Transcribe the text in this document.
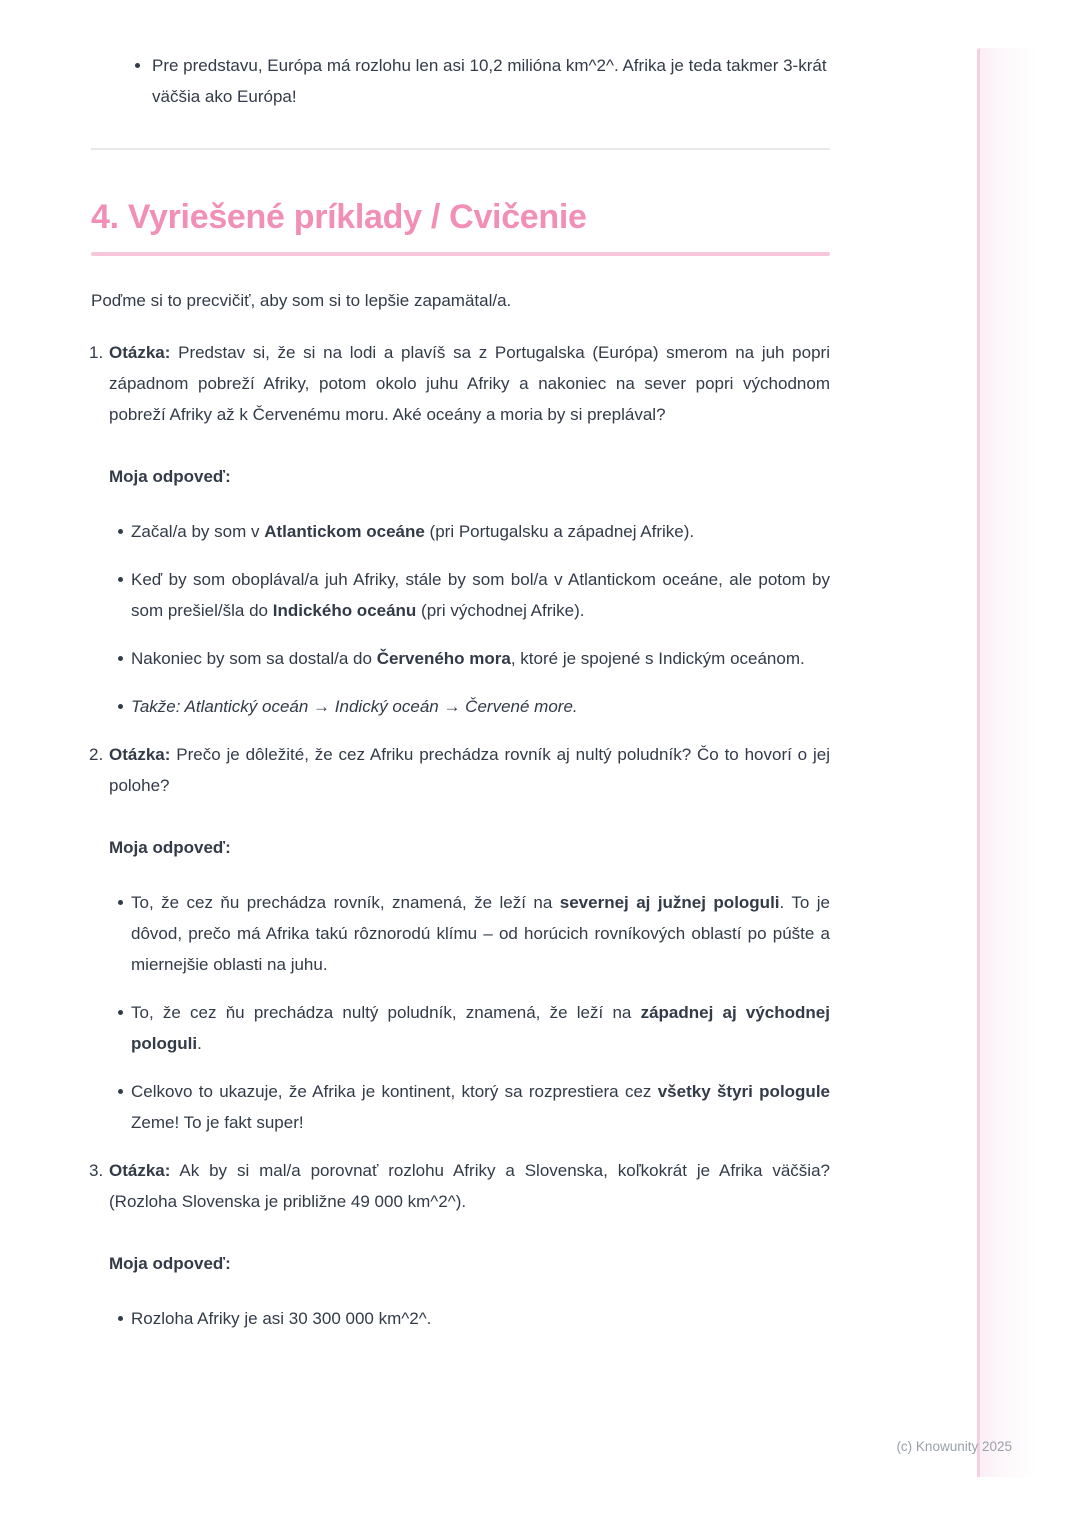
Pre predstavu, Európa má rozlohu len asi 10,2 milióna km^2^. Afrika je teda takmer 3-krát väčšia ako Európa!
4. Vyriešené príklady / Cvičenie

Poďme si to precvičiť, aby som si to lepšie zapamätal/a.

1. Otázka: Predstav si, že si na lodi a plavíš sa z Portugalska (Európa) smerom na juh popri západnom pobreží Afriky, potom okolo juhu Afriky a nakoniec na sever popri východnom pobreží Afriky až k Červenému moru. Aké oceány a moria by si preplával?

Moja odpoveď:

Začal/a by som v Atlantickom oceáne (pri Portugalsku a západnej Afrike).
Keď by som oboplával/a juh Afriky, stále by som bol/a v Atlantickom oceáne, ale potom by som prešiel/šla do Indického oceánu (pri východnej Afrike).
Nakoniec by som sa dostal/a do Červeného mora, ktoré je spojené s Indickým oceánom.
Takže: Atlantický oceán → Indický oceán → Červené more.
2. Otázka: Prečo je dôležité, že cez Afriku prechádza rovník aj nultý poludník? Čo to hovorí o jej polohe?

Moja odpoveď:

To, že cez ňu prechádza rovník, znamená, že leží na severnej aj južnej pologuli. To je dôvod, prečo má Afrika takú rôznorodú klímu – od horúcich rovníkových oblastí po púšte a miernejšie oblasti na juhu.
To, že cez ňu prechádza nultý poludník, znamená, že leží na západnej aj východnej pologuli.
Celkovo to ukazuje, že Afrika je kontinent, ktorý sa rozprestiera cez všetky štyri pologule Zeme! To je fakt super!
3. Otázka: Ak by si mal/a porovnať rozlohu Afriky a Slovenska, koľkokrát je Afrika väčšia? (Rozloha Slovenska je približne 49 000 km^2^).

Moja odpoveď:

Rozloha Afriky je asi 30 300 000 km^2^.
(c) Knowunity 2025
